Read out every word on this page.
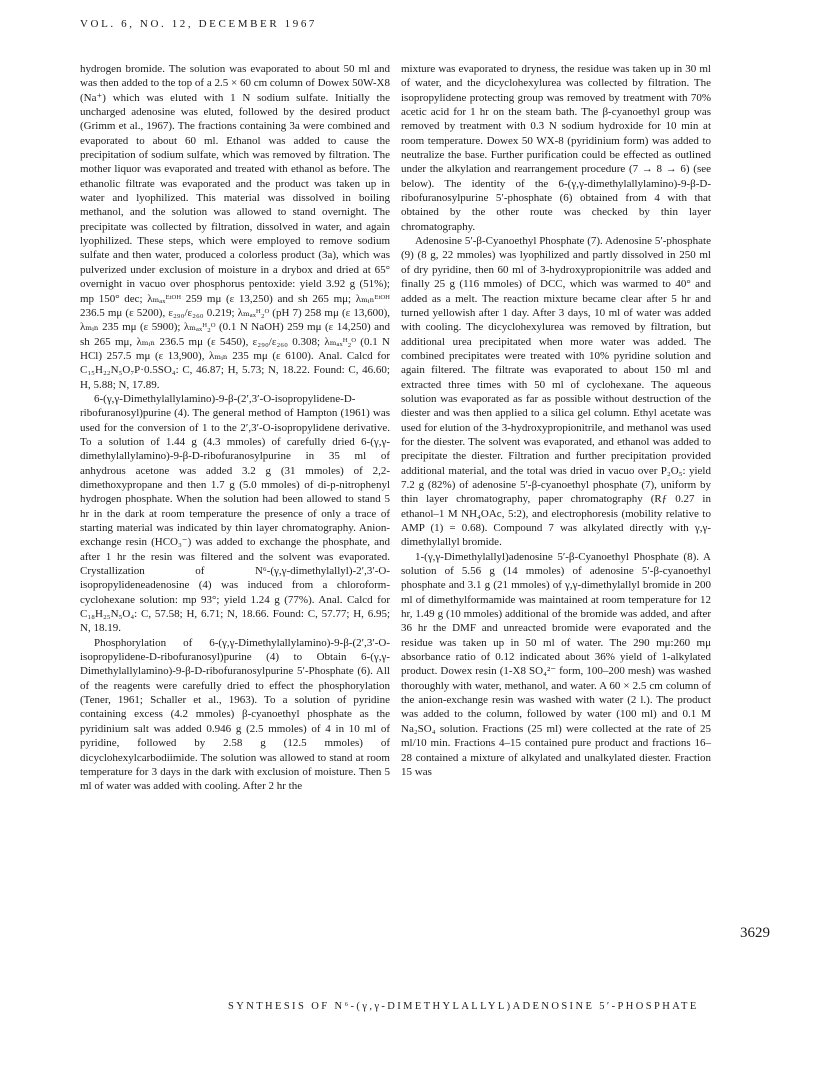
VOL. 6, NO. 12, DECEMBER 1967

hydrogen bromide. The solution was evaporated to about 50 ml and was then added to the top of a 2.5 × 60 cm column of Dowex 50W-X8 (Na⁺) which was eluted with 1 N sodium sulfate. Initially the uncharged adenosine was eluted, followed by the desired product (Grimm et al., 1967). The fractions containing 3a were combined and evaporated to about 60 ml. Ethanol was added to cause the precipitation of sodium sulfate, which was removed by filtration. The mother liquor was evaporated and treated with ethanol as before. The ethanolic filtrate was evaporated and the product was taken up in water and lyophilized. This material was dissolved in boiling methanol, and the solution was allowed to stand overnight. The precipitate was collected by filtration, dissolved in water, and again lyophilized. These steps, which were employed to remove sodium sulfate and then water, produced a colorless product (3a), which was pulverized under exclusion of moisture in a drybox and dried at 65° overnight in vacuo over phosphorus pentoxide: yield 3.92 g (51%); mp 150° dec; λₘₐₓᴱᵗᴼᴴ 259 mμ (ε 13,250) and sh 265 mμ; λₘᵢₙᴱᵗᴼᴴ 236.5 mμ (ε 5200), ε₂₉₀/ε₂₆₀ 0.219; λₘₐₓᴴ₂ᴼ (pH 7) 258 mμ (ε 13,600), λₘᵢₙ 235 mμ (ε 5900); λₘₐₓᴴ₂ᴼ (0.1 N NaOH) 259 mμ (ε 14,250) and sh 265 mμ, λₘᵢₙ 236.5 mμ (ε 5450), ε₂₉₀/ε₂₆₀ 0.308; λₘₐₓᴴ₂ᴼ (0.1 N HCl) 257.5 mμ (ε 13,900), λₘᵢₙ 235 mμ (ε 6100). Anal. Calcd for C₁₅H₂₂N₅O₇P·0.5SO₄: C, 46.87; H, 5.73; N, 18.22. Found: C, 46.60; H, 5.88; N, 17.89.

6-(γ,γ-Dimethylallylamino)-9-β-(2′,3′-O-isopropylidene-D-ribofuranosyl)purine (4). The general method of Hampton (1961) was used for the conversion of 1 to the 2′,3′-O-isopropylidene derivative. To a solution of 1.44 g (4.3 mmoles) of carefully dried 6-(γ,γ-dimethylallylamino)-9-β-D-ribofuranosylpurine in 35 ml of anhydrous acetone was added 3.2 g (31 mmoles) of 2,2-dimethoxypropane and then 1.7 g (5.0 mmoles) of di-p-nitrophenyl hydrogen phosphate. When the solution had been allowed to stand 5 hr in the dark at room temperature the presence of only a trace of starting material was indicated by thin layer chromatography. Anion-exchange resin (HCO₃⁻) was added to exchange the phosphate, and after 1 hr the resin was filtered and the solvent was evaporated. Crystallization of N⁶-(γ,γ-dimethylallyl)-2′,3′-O-isopropylideneadenosine (4) was induced from a chloroform-cyclohexane solution: mp 93°; yield 1.24 g (77%). Anal. Calcd for C₁₈H₂₅N₅O₄: C, 57.58; H, 6.71; N, 18.66. Found: C, 57.77; H, 6.95; N, 18.19.

Phosphorylation of 6-(γ,γ-Dimethylallylamino)-9-β-(2′,3′-O-isopropylidene-D-ribofuranosyl)purine (4) to Obtain 6-(γ,γ-Dimethylallylamino)-9-β-D-ribofuranosylpurine 5′-Phosphate (6). All of the reagents were carefully dried to effect the phosphorylation (Tener, 1961; Schaller et al., 1963). To a solution of pyridine containing excess (4.2 mmoles) β-cyanoethyl phosphate as the pyridinium salt was added 0.946 g (2.5 mmoles) of 4 in 10 ml of pyridine, followed by 2.58 g (12.5 mmoles) of dicyclohexylcarbodiimide. The solution was allowed to stand at room temperature for 3 days in the dark with exclusion of moisture. Then 5 ml of water was added with cooling. After 2 hr the

mixture was evaporated to dryness, the residue was taken up in 30 ml of water, and the dicyclohexylurea was collected by filtration. The isopropylidene protecting group was removed by treatment with 70% acetic acid for 1 hr on the steam bath. The β-cyanoethyl group was removed by treatment with 0.3 N sodium hydroxide for 10 min at room temperature. Dowex 50 WX-8 (pyridinium form) was added to neutralize the base. Further purification could be effected as outlined under the alkylation and rearrangement procedure (7 → 8 → 6) (see below). The identity of the 6-(γ,γ-dimethylallylamino)-9-β-D-ribofuranosylpurine 5′-phosphate (6) obtained from 4 with that obtained by the other route was checked by thin layer chromatography.

Adenosine 5′-β-Cyanoethyl Phosphate (7). Adenosine 5′-phosphate (9) (8 g, 22 mmoles) was lyophilized and partly dissolved in 250 ml of dry pyridine, then 60 ml of 3-hydroxypropionitrile was added and finally 25 g (116 mmoles) of DCC, which was warmed to 40° and added as a melt. The reaction mixture became clear after 5 hr and turned yellowish after 1 day. After 3 days, 10 ml of water was added with cooling. The dicyclohexylurea was removed by filtration, but additional urea precipitated when more water was added. The combined precipitates were treated with 10% pyridine solution and again filtered. The filtrate was evaporated to about 150 ml and extracted three times with 50 ml of cyclohexane. The aqueous solution was evaporated as far as possible without destruction of the diester and was then applied to a silica gel column. Ethyl acetate was used for elution of the 3-hydroxypropionitrile, and methanol was used for the diester. The solvent was evaporated, and ethanol was added to precipitate the diester. Filtration and further precipitation provided additional material, and the total was dried in vacuo over P₂O₅: yield 7.2 g (82%) of adenosine 5′-β-cyanoethyl phosphate (7), uniform by thin layer chromatography, paper chromatography (Rƒ 0.27 in ethanol–1 M NH₄OAc, 5:2), and electrophoresis (mobility relative to AMP (1) = 0.68). Compound 7 was alkylated directly with γ,γ-dimethylallyl bromide.

1-(γ,γ-Dimethylallyl)adenosine 5′-β-Cyanoethyl Phosphate (8). A solution of 5.56 g (14 mmoles) of adenosine 5′-β-cyanoethyl phosphate and 3.1 g (21 mmoles) of γ,γ-dimethylallyl bromide in 200 ml of dimethylformamide was maintained at room temperature for 12 hr, 1.49 g (10 mmoles) additional of the bromide was added, and after 36 hr the DMF and unreacted bromide were evaporated and the residue was taken up in 50 ml of water. The 290 mμ:260 mμ absorbance ratio of 0.12 indicated about 36% yield of 1-alkylated product. Dowex resin (1-X8 SO₄²⁻ form, 100–200 mesh) was washed thoroughly with water, methanol, and water. A 60 × 2.5 cm column of the anion-exchange resin was washed with water (2 l.). The product was added to the column, followed by water (100 ml) and 0.1 M Na₂SO₄ solution. Fractions (25 ml) were collected at the rate of 25 ml/10 min. Fractions 4–15 contained pure product and fractions 16–28 contained a mixture of alkylated and unalkylated diester. Fraction 15 was

3629
SYNTHESIS OF N⁶-(γ,γ-DIMETHYLALLYL)ADENOSINE 5′-PHOSPHATE
